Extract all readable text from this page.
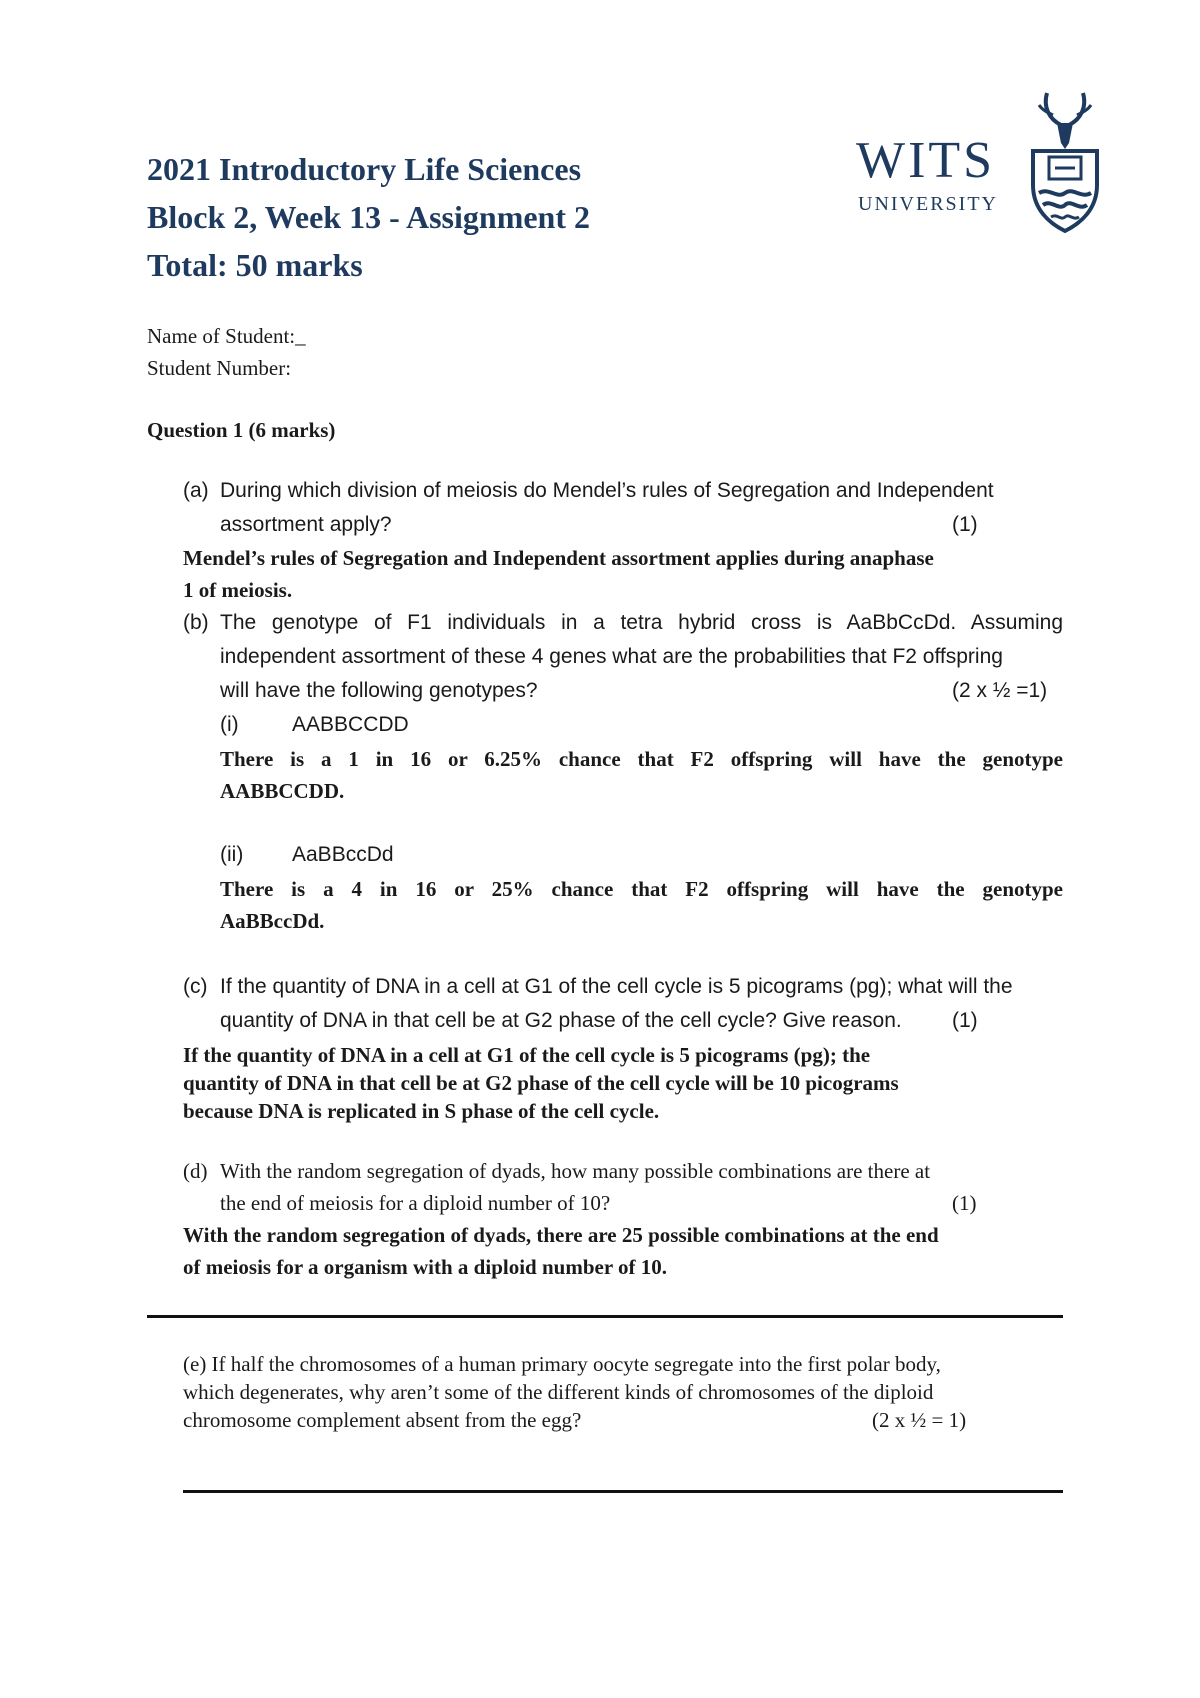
2021 Introductory Life Sciences
Block 2, Week 13 - Assignment 2
Total: 50 marks
WITS
UNIVERSITY
Name of Student:_
Student Number:
Question 1 (6 marks)
(a) During which division of meiosis do Mendel’s rules of Segregation and Independent
assortment apply?	(1)
Mendel’s rules of Segregation and Independent assortment applies during anaphase
1 of meiosis.
(b) The genotype of F1 individuals in a tetra hybrid cross is AaBbCcDd. Assuming
independent assortment of these 4 genes what are the probabilities that F2 offspring
will have the following genotypes?	(2 x ½ =1)
(i)	AABBCCDD
There is a 1 in 16 or 6.25% chance that F2 offspring will have the genotype
AABBCCDD.
(ii) AaBBccDd
There is a 4 in 16 or 25% chance that F2 offspring will have the genotype
AaBBccDd.
(c) If the quantity of DNA in a cell at G1 of the cell cycle is 5 picograms (pg); what will the
quantity of DNA in that cell be at G2 phase of the cell cycle? Give reason. (1)
If the quantity of DNA in a cell at G1 of the cell cycle is 5 picograms (pg); the
quantity of DNA in that cell be at G2 phase of the cell cycle will be 10 picograms
because DNA is replicated in S phase of the cell cycle.
(d) With the random segregation of dyads, how many possible combinations are there at
the end of meiosis for a diploid number of 10?	(1)
With the random segregation of dyads, there are 25 possible combinations at the end
of meiosis for a organism with a diploid number of 10.
(e) If half the chromosomes of a human primary oocyte segregate into the first polar body,
which degenerates, why aren’t some of the different kinds of chromosomes of the diploid
chromosome complement absent from the egg?	(2 x ½ = 1)
